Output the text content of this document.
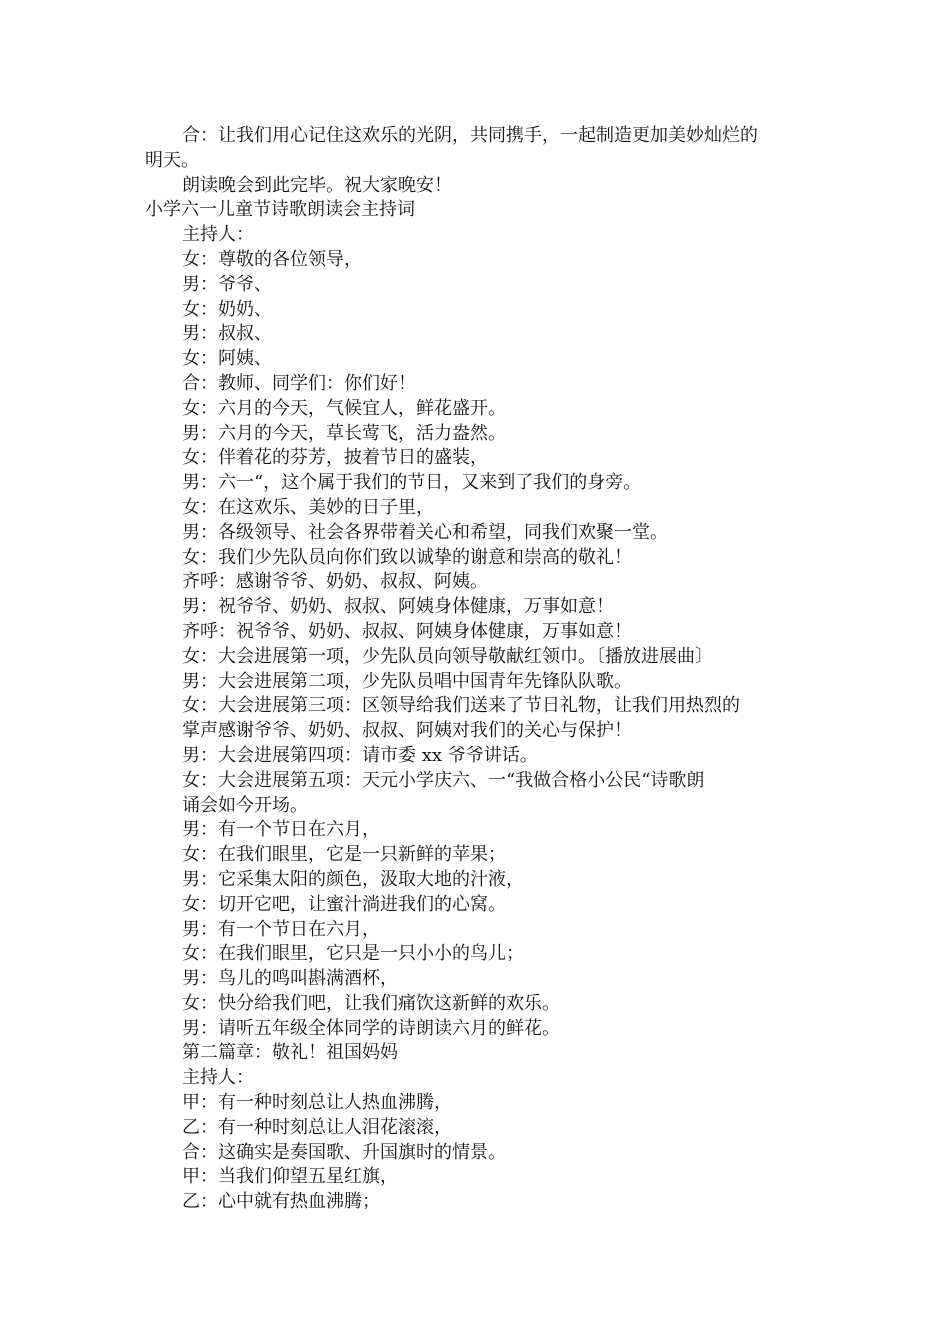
合：让我们用心记住这欢乐的光阴，共同携手，一起制造更加美妙灿烂的
明天。
朗读晚会到此完毕。祝大家晚安！
小学六一儿童节诗歌朗读会主持词
主持人：
女：尊敬的各位领导，
男：爷爷、
女：奶奶、
男：叔叔、
女：阿姨、
合：教师、同学们：你们好！
女：六月的今天，气候宜人，鲜花盛开。
男：六月的今天，草长莺飞，活力盎然。
女：伴着花的芬芳，披着节日的盛装，
男：六一“，这个属于我们的节日，又来到了我们的身旁。
女：在这欢乐、美妙的日子里，
男：各级领导、社会各界带着关心和希望，同我们欢聚一堂。
女：我们少先队员向你们致以诚挚的谢意和崇高的敬礼！
齐呼：感谢爷爷、奶奶、叔叔、阿姨。
男：祝爷爷、奶奶、叔叔、阿姨身体健康，万事如意！
齐呼：祝爷爷、奶奶、叔叔、阿姨身体健康，万事如意！
女：大会进展第一项，少先队员向领导敬献红领巾。〔播放进展曲〕
男：大会进展第二项，少先队员唱中国青年先锋队队歌。
女：大会进展第三项：区领导给我们送来了节日礼物，让我们用热烈的
掌声感谢爷爷、奶奶、叔叔、阿姨对我们的关心与保护！
男：大会进展第四项：请市委 xx 爷爷讲话。
女：大会进展第五项：天元小学庆六、一“我做合格小公民“诗歌朗
诵会如今开场。
男：有一个节日在六月，
女：在我们眼里，它是一只新鲜的苹果；
男：它采集太阳的颜色，汲取大地的汁液，
女：切开它吧，让蜜汁淌进我们的心窝。
男：有一个节日在六月，
女：在我们眼里，它只是一只小小的鸟儿；
男：鸟儿的鸣叫斟满酒杯，
女：快分给我们吧，让我们痛饮这新鲜的欢乐。
男：请听五年级全体同学的诗朗读六月的鲜花。
第二篇章：敬礼！祖国妈妈
主持人：
甲：有一种时刻总让人热血沸腾，
乙：有一种时刻总让人泪花滚滚，
合：这确实是奏国歌、升国旗时的情景。
甲：当我们仰望五星红旗，
乙：心中就有热血沸腾；
